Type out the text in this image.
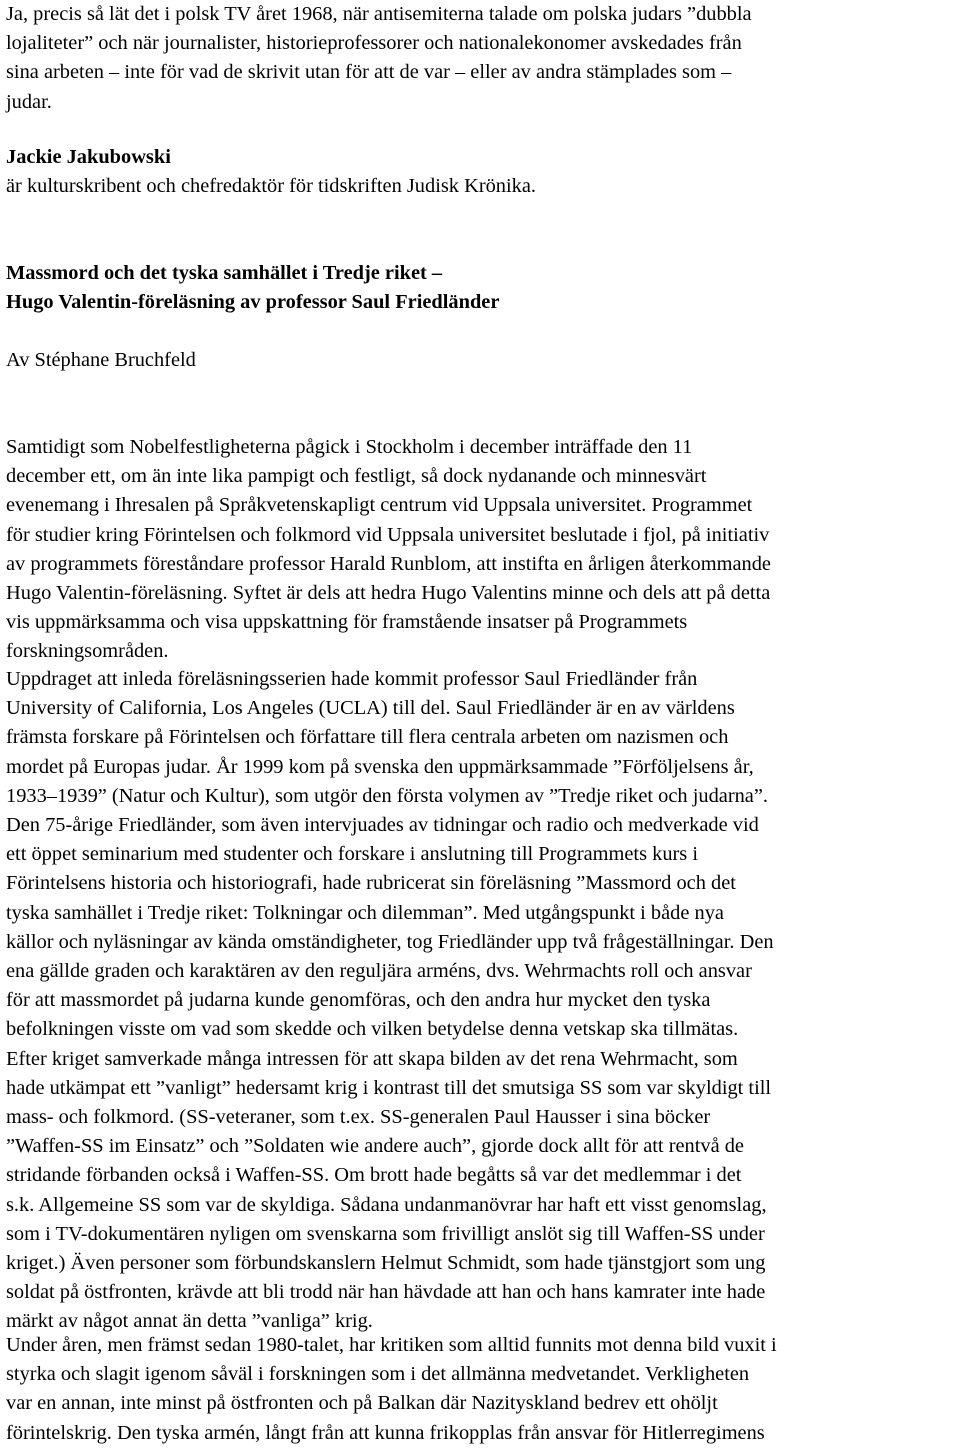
Ja, precis så lät det i polsk TV året 1968, när antisemiterna talade om polska judars ”dubbla
lojaliteter” och när journalister, historieprofessorer och nationalekonomer avskedades från
sina arbeten – inte för vad de skrivit utan för att de var – eller av andra stämplades som –
judar.
Jackie Jakubowski
är kulturskribent och chefredaktör för tidskriften Judisk Krönika.
Massmord och det tyska samhället i Tredje riket –
Hugo Valentin-föreläsning av professor Saul Friedländer
Av Stéphane Bruchfeld
Samtidigt som Nobelfestligheterna pågick i Stockholm i december inträffade den 11
december ett, om än inte lika pampigt och festligt, så dock nydanande och minnesvärt
evenemang i Ihresalen på Språkvetenskapligt centrum vid Uppsala universitet. Programmet
för studier kring Förintelsen och folkmord vid Uppsala universitet beslutade i fjol, på initiativ
av programmets föreståndare professor Harald Runblom, att instifta en årligen återkommande
Hugo Valentin-föreläsning. Syftet är dels att hedra Hugo Valentins minne och dels att på detta
vis uppmärksamma och visa uppskattning för framstående insatser på Programmets
forskningsområden.
Uppdraget att inleda föreläsningsserien hade kommit professor Saul Friedländer från
University of California, Los Angeles (UCLA) till del. Saul Friedländer är en av världens
främsta forskare på Förintelsen och författare till flera centrala arbeten om nazismen och
mordet på Europas judar. År 1999 kom på svenska den uppmärksammade ”Förföljelsens år,
1933–1939” (Natur och Kultur), som utgör den första volymen av ”Tredje riket och judarna”.
Den 75-årige Friedländer, som även intervjuades av tidningar och radio och medverkade vid
ett öppet seminarium med studenter och forskare i anslutning till Programmets kurs i
Förintelsens historia och historiografi, hade rubricerat sin föreläsning ”Massmord och det
tyska samhället i Tredje riket: Tolkningar och dilemman”. Med utgångspunkt i både nya
källor och nyläsningar av kända omständigheter, tog Friedländer upp två frågeställningar. Den
ena gällde graden och karaktären av den reguljära arméns, dvs. Wehrmachts roll och ansvar
för att massmordet på judarna kunde genomföras, och den andra hur mycket den tyska
befolkningen visste om vad som skedde och vilken betydelse denna vetskap ska tillmätas.
Efter kriget samverkade många intressen för att skapa bilden av det rena Wehrmacht, som
hade utkämpat ett ”vanligt” hedersamt krig i kontrast till det smutsiga SS som var skyldigt till
mass- och folkmord. (SS-veteraner, som t.ex. SS-generalen Paul Hausser i sina böcker
”Waffen-SS im Einsatz” och ”Soldaten wie andere auch”, gjorde dock allt för att rentvå de
stridande förbanden också i Waffen-SS. Om brott hade begåtts så var det medlemmar i det
s.k. Allgemeine SS som var de skyldiga. Sådana undanmanövrar har haft ett visst genomslag,
som i TV-dokumentären nyligen om svenskarna som frivilligt anslöt sig till Waffen-SS under
kriget.) Även personer som förbundskanslern Helmut Schmidt, som hade tjänstgjort som ung
soldat på östfronten, krävde att bli trodd när han hävdade att han och hans kamrater inte hade
märkt av något annat än detta ”vanliga” krig.
Under åren, men främst sedan 1980-talet, har kritiken som alltid funnits mot denna bild vuxit i
styrka och slagit igenom såväl i forskningen som i det allmänna medvetandet. Verkligheten
var en annan, inte minst på östfronten och på Balkan där Nazityskland bedrev ett ohöljt
förintelskrig. Den tyska armén, långt från att kunna frikopplas från ansvar för Hitlerregimens
